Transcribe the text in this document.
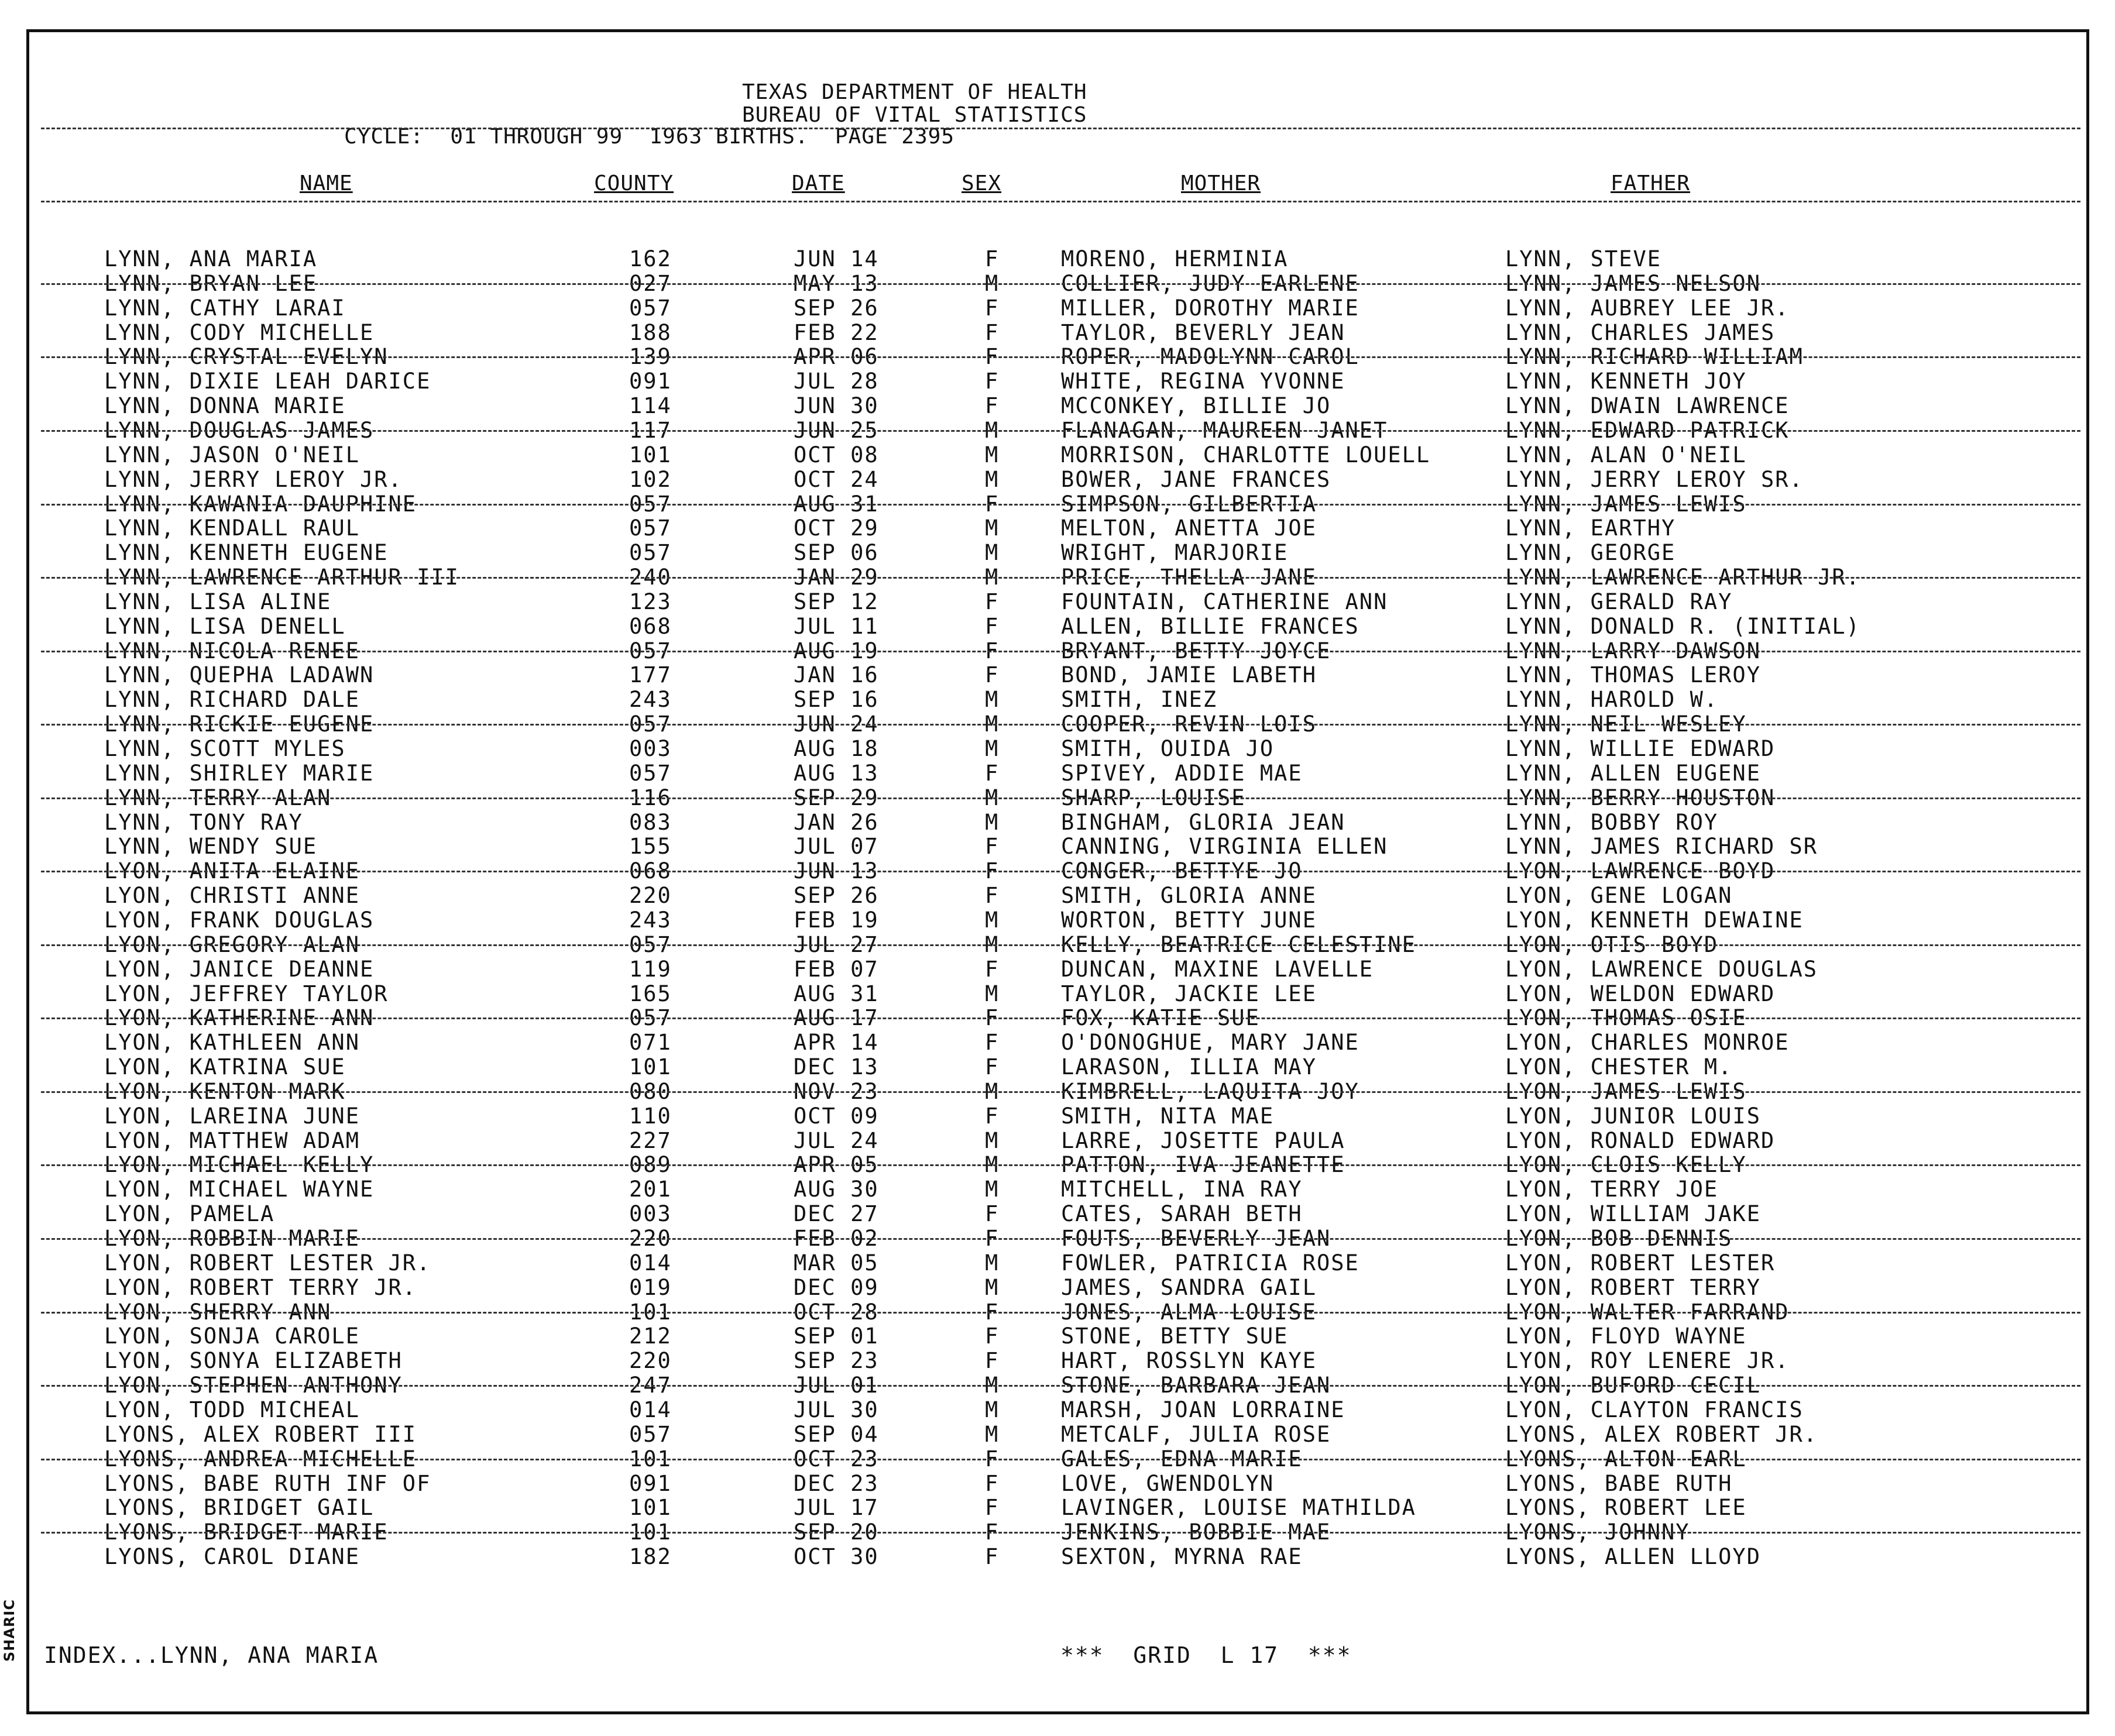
SHARIC
TEXAS DEPARTMENT OF HEALTH
BUREAU OF VITAL STATISTICS
CYCLE:  01 THROUGH 99  1963 BIRTHS.  PAGE 2395
NAME	COUNTY	DATE	SEX	MOTHER	FATHER
LYNN, ANA MARIA	162	JUN 14	F	MORENO, HERMINIA	LYNN, STEVE
LYNN, BRYAN LEE	027	MAY 13	M	COLLIER, JUDY EARLENE	LYNN, JAMES NELSON
LYNN, CATHY LARAI	057	SEP 26	F	MILLER, DOROTHY MARIE	LYNN, AUBREY LEE JR.
LYNN, CODY MICHELLE	188	FEB 22	F	TAYLOR, BEVERLY JEAN	LYNN, CHARLES JAMES
LYNN, CRYSTAL EVELYN	139	APR 06	F	ROPER, MADOLYNN CAROL	LYNN, RICHARD WILLIAM
LYNN, DIXIE LEAH DARICE	091	JUL 28	F	WHITE, REGINA YVONNE	LYNN, KENNETH JOY
LYNN, DONNA MARIE	114	JUN 30	F	MCCONKEY, BILLIE JO	LYNN, DWAIN LAWRENCE
LYNN, DOUGLAS JAMES	117	JUN 25	M	FLANAGAN, MAUREEN JANET	LYNN, EDWARD PATRICK
LYNN, JASON O'NEIL	101	OCT 08	M	MORRISON, CHARLOTTE LOUELL	LYNN, ALAN O'NEIL
LYNN, JERRY LEROY JR.	102	OCT 24	M	BOWER, JANE FRANCES	LYNN, JERRY LEROY SR.
LYNN, KAWANIA DAUPHINE	057	AUG 31	F	SIMPSON, GILBERTIA	LYNN, JAMES LEWIS
LYNN, KENDALL RAUL	057	OCT 29	M	MELTON, ANETTA JOE	LYNN, EARTHY
LYNN, KENNETH EUGENE	057	SEP 06	M	WRIGHT, MARJORIE	LYNN, GEORGE
LYNN, LAWRENCE ARTHUR III	240	JAN 29	M	PRICE, THELLA JANE	LYNN, LAWRENCE ARTHUR JR.
LYNN, LISA ALINE	123	SEP 12	F	FOUNTAIN, CATHERINE ANN	LYNN, GERALD RAY
LYNN, LISA DENELL	068	JUL 11	F	ALLEN, BILLIE FRANCES	LYNN, DONALD R. (INITIAL)
LYNN, NICOLA RENEE	057	AUG 19	F	BRYANT, BETTY JOYCE	LYNN, LARRY DAWSON
LYNN, QUEPHA LADAWN	177	JAN 16	F	BOND, JAMIE LABETH	LYNN, THOMAS LEROY
LYNN, RICHARD DALE	243	SEP 16	M	SMITH, INEZ	LYNN, HAROLD W.
LYNN, RICKIE EUGENE	057	JUN 24	M	COOPER, REVIN LOIS	LYNN, NEIL WESLEY
LYNN, SCOTT MYLES	003	AUG 18	M	SMITH, OUIDA JO	LYNN, WILLIE EDWARD
LYNN, SHIRLEY MARIE	057	AUG 13	F	SPIVEY, ADDIE MAE	LYNN, ALLEN EUGENE
LYNN, TERRY ALAN	116	SEP 29	M	SHARP, LOUISE	LYNN, BERRY HOUSTON
LYNN, TONY RAY	083	JAN 26	M	BINGHAM, GLORIA JEAN	LYNN, BOBBY ROY
LYNN, WENDY SUE	155	JUL 07	F	CANNING, VIRGINIA ELLEN	LYNN, JAMES RICHARD SR
LYON, ANITA ELAINE	068	JUN 13	F	CONGER, BETTYE JO	LYON, LAWRENCE BOYD
LYON, CHRISTI ANNE	220	SEP 26	F	SMITH, GLORIA ANNE	LYON, GENE LOGAN
LYON, FRANK DOUGLAS	243	FEB 19	M	WORTON, BETTY JUNE	LYON, KENNETH DEWAINE
LYON, GREGORY ALAN	057	JUL 27	M	KELLY, BEATRICE CELESTINE	LYON, OTIS BOYD
LYON, JANICE DEANNE	119	FEB 07	F	DUNCAN, MAXINE LAVELLE	LYON, LAWRENCE DOUGLAS
LYON, JEFFREY TAYLOR	165	AUG 31	M	TAYLOR, JACKIE LEE	LYON, WELDON EDWARD
LYON, KATHERINE ANN	057	AUG 17	F	FOX, KATIE SUE	LYON, THOMAS OSIE
LYON, KATHLEEN ANN	071	APR 14	F	O'DONOGHUE, MARY JANE	LYON, CHARLES MONROE
LYON, KATRINA SUE	101	DEC 13	F	LARASON, ILLIA MAY	LYON, CHESTER M.
LYON, KENTON MARK	080	NOV 23	M	KIMBRELL, LAQUITA JOY	LYON, JAMES LEWIS
LYON, LAREINA JUNE	110	OCT 09	F	SMITH, NITA MAE	LYON, JUNIOR LOUIS
LYON, MATTHEW ADAM	227	JUL 24	M	LARRE, JOSETTE PAULA	LYON, RONALD EDWARD
LYON, MICHAEL KELLY	089	APR 05	M	PATTON, IVA JEANETTE	LYON, CLOIS KELLY
LYON, MICHAEL WAYNE	201	AUG 30	M	MITCHELL, INA RAY	LYON, TERRY JOE
LYON, PAMELA	003	DEC 27	F	CATES, SARAH BETH	LYON, WILLIAM JAKE
LYON, ROBBIN MARIE	220	FEB 02	F	FOUTS, BEVERLY JEAN	LYON, BOB DENNIS
LYON, ROBERT LESTER JR.	014	MAR 05	M	FOWLER, PATRICIA ROSE	LYON, ROBERT LESTER
LYON, ROBERT TERRY JR.	019	DEC 09	M	JAMES, SANDRA GAIL	LYON, ROBERT TERRY
LYON, SHERRY ANN	101	OCT 28	F	JONES, ALMA LOUISE	LYON, WALTER FARRAND
LYON, SONJA CAROLE	212	SEP 01	F	STONE, BETTY SUE	LYON, FLOYD WAYNE
LYON, SONYA ELIZABETH	220	SEP 23	F	HART, ROSSLYN KAYE	LYON, ROY LENERE JR.
LYON, STEPHEN ANTHONY	247	JUL 01	M	STONE, BARBARA JEAN	LYON, BUFORD CECIL
LYON, TODD MICHEAL	014	JUL 30	M	MARSH, JOAN LORRAINE	LYON, CLAYTON FRANCIS
LYONS, ALEX ROBERT III	057	SEP 04	M	METCALF, JULIA ROSE	LYONS, ALEX ROBERT JR.
LYONS, ANDREA MICHELLE	101	OCT 23	F	GALES, EDNA MARIE	LYONS, ALTON EARL
LYONS, BABE RUTH INF OF	091	DEC 23	F	LOVE, GWENDOLYN	LYONS, BABE RUTH
LYONS, BRIDGET GAIL	101	JUL 17	F	LAVINGER, LOUISE MATHILDA	LYONS, ROBERT LEE
LYONS, BRIDGET MARIE	101	SEP 20	F	JENKINS, BOBBIE MAE	LYONS, JOHNNY
LYONS, CAROL DIANE	182	OCT 30	F	SEXTON, MYRNA RAE	LYONS, ALLEN LLOYD
INDEX...LYNN, ANA MARIA	***  GRID  L 17  ***
